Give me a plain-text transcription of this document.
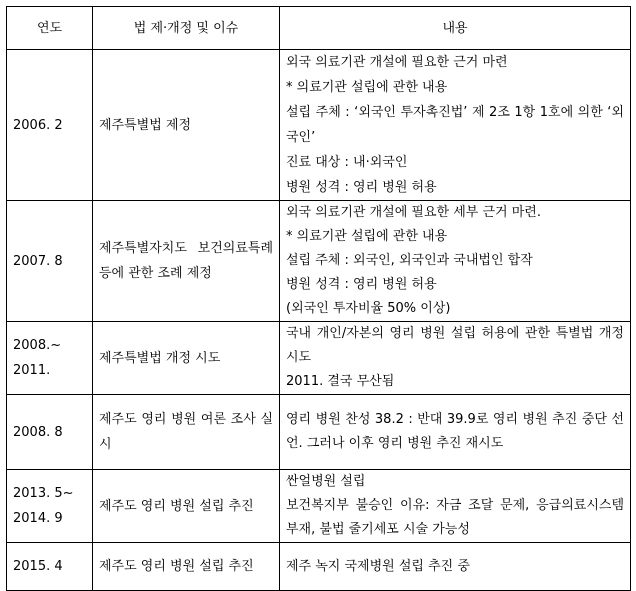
연도	법 제·개정 및 이슈	내용
2006. 2	제주특별법 제정	외국 의료기관 개설에 필요한 근거 마련
* 의료기관 설립에 관한 내용
설립 주체 : ‘외국인 투자촉진법’ 제 2조 1항 1호에 의한 ‘외국인’
진료 대상 : 내·외국인
병원 성격 : 영리 병원 허용

2007. 8	제주특별자치도 보건의료특례 등에 관한 조례 제정	외국 의료기관 개설에 필요한 세부 근거 마련.
* 의료기관 설립에 관한 내용
설립 주체 : 외국인, 외국인과 국내법인 합작
병원 성격 : 영리 병원 허용
(외국인 투자비율 50% 이상)

2008.~ 2011.	제주특별법 개정 시도	국내 개인/자본의 영리 병원 설립 허용에 관한 특별법 개정 시도
2011. 결국 무산됨

2008. 8	제주도 영리 병원 여론 조사 실시	영리 병원 찬성 38.2 : 반대 39.9로 영리 병원 추진 중단 선언. 그러나 이후 영리 병원 추진 재시도

2013. 5~ 2014. 9	제주도 영리 병원 설립 추진	싼얼병원 설립
보건복지부 불승인 이유: 자금 조달 문제, 응급의료시스템 부재, 불법 줄기세포 시술 가능성

2015. 4	제주도 영리 병원 설립 추진	제주 녹지 국제병원 설립 추진 중
